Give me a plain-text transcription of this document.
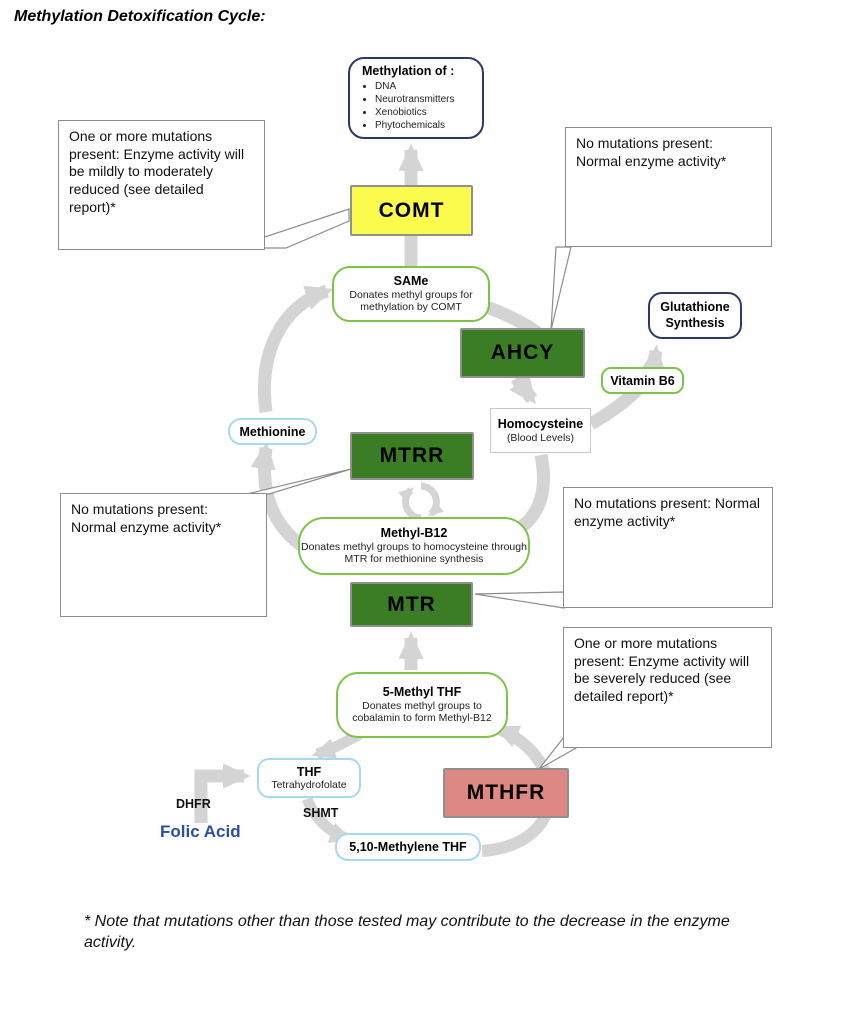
Methylation Detoxification Cycle:
Methylation of :
• DNA
• Neurotransmitters
• Xenobiotics
• Phytochemicals
COMT
SAMe
Donates methyl groups for methylation by COMT
AHCY
Glutathione Synthesis
Vitamin B6
Homocysteine
(Blood Levels)
Methionine
MTRR
Methyl-B12
Donates methyl groups to homocysteine through MTR for methionine synthesis
MTR
5-Methyl THF
Donates methyl groups to cobalamin to form Methyl-B12
THF
Tetrahydrofolate
DHFR
Folic Acid
SHMT
5,10-Methylene THF
MTHFR
One or more mutations present: Enzyme activity will be mildly to moderately reduced (see detailed report)*
No mutations present: Normal enzyme activity*
No mutations present: Normal enzyme activity*
No mutations present: Normal enzyme activity*
One or more mutations present: Enzyme activity will be severely reduced (see detailed report)*
* Note that mutations other than those tested may contribute to the decrease in the enzyme activity.
